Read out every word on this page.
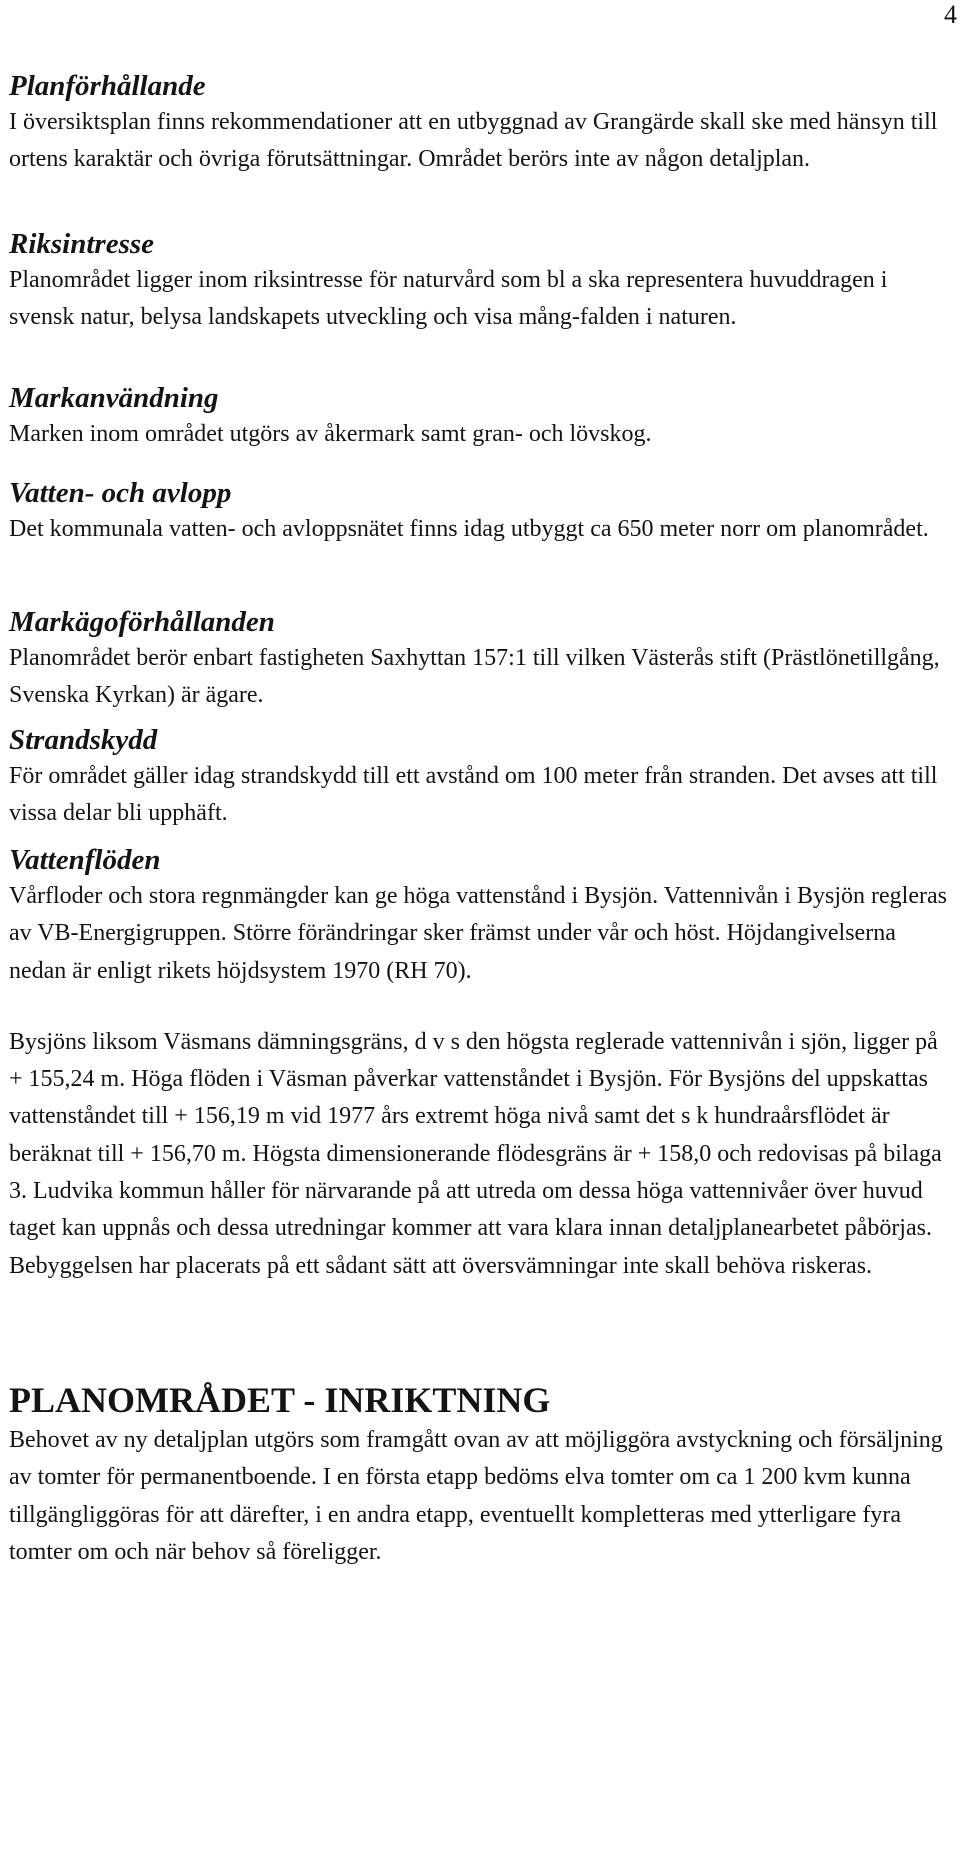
4
Planförhållande

I översiktsplan finns rekommendationer att en utbyggnad av Grangärde skall ske med hänsyn till ortens karaktär och övriga förutsättningar. Området berörs inte av någon detaljplan.

Riksintresse

Planområdet ligger inom riksintresse för naturvård som bl a ska representera huvuddragen i svensk natur, belysa landskapets utveckling och visa mång-falden i naturen.

Markanvändning

Marken inom området utgörs av åkermark samt gran- och lövskog.

Vatten- och avlopp

Det kommunala vatten- och avloppsnätet finns idag utbyggt ca 650 meter norr om planområdet.

Markägoförhållanden

Planområdet berör enbart fastigheten Saxhyttan 157:1 till vilken Västerås stift (Prästlönetillgång, Svenska Kyrkan) är ägare.

Strandskydd

För området gäller idag strandskydd till ett avstånd om 100 meter från stranden. Det avses att till vissa delar bli upphäft.

Vattenflöden

Vårfloder och stora regnmängder kan ge höga vattenstånd i Bysjön. Vattennivån i Bysjön regleras av VB-Energigruppen. Större förändringar sker främst under vår och höst. Höjdangivelserna nedan är enligt rikets höjdsystem 1970 (RH 70).

Bysjöns liksom Väsmans dämningsgräns, d v s den högsta reglerade vattennivån i sjön, ligger på + 155,24 m. Höga flöden i Väsman påverkar vattenståndet i Bysjön. För Bysjöns del uppskattas vattenståndet till + 156,19 m vid 1977 års extremt höga nivå samt det s k hundraårsflödet är beräknat till + 156,70 m. Högsta dimensionerande flödesgräns är + 158,0 och redovisas på bilaga 3. Ludvika kommun håller för närvarande på att utreda om dessa höga vattennivåer över huvud taget kan uppnås och dessa utredningar kommer att vara klara innan detaljplanearbetet påbörjas. Bebyggelsen har placerats på ett sådant sätt att översvämningar inte skall behöva riskeras.

PLANOMRÅDET - INRIKTNING

Behovet av ny detaljplan utgörs som framgått ovan av att möjliggöra avstyckning och försäljning av tomter för permanentboende. I en första etapp bedöms elva tomter om ca 1 200 kvm kunna tillgängliggöras för att därefter, i en andra etapp, eventuellt kompletteras med ytterligare fyra tomter om och när behov så föreligger.
